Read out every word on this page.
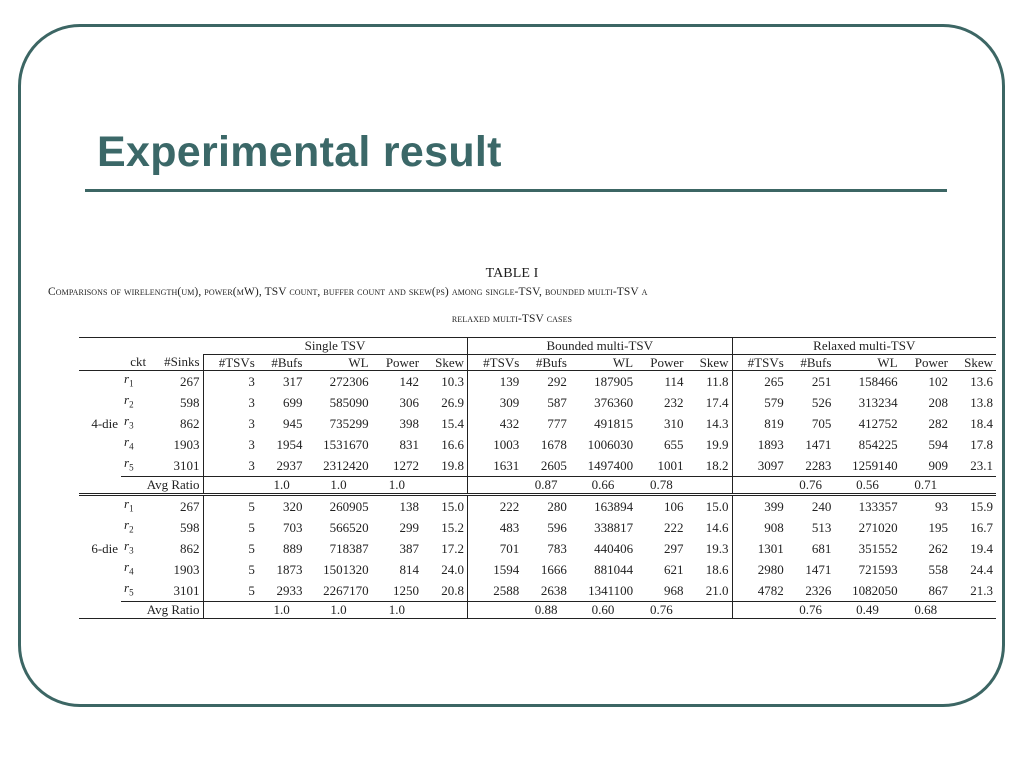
Experimental result
TABLE I
Comparisons of wirelength(um), power(mW), TSV count, buffer count and skew(ps) among single-TSV, bounded multi-TSV a
relaxed multi-TSV cases
			Single TSV					Bounded multi-TSV					Relaxed multi-TSV				
	ckt	#Sinks	#TSVs	#Bufs	WL	Power	Skew	#TSVs	#Bufs	WL	Power	Skew	#TSVs	#Bufs	WL	Power	Skew
	$r_1$	267	3	317	272306	142	10.3	139	292	187905	114	11.8	265	251	158466	102	13.6
	$r_2$	598	3	699	585090	306	26.9	309	587	376360	232	17.4	579	526	313234	208	13.8
4-die	$r_3$	862	3	945	735299	398	15.4	432	777	491815	310	14.3	819	705	412752	282	18.4
	$r_4$	1903	3	1954	1531670	831	16.6	1003	1678	1006030	655	19.9	1893	1471	854225	594	17.8
	$r_5$	3101	3	2937	2312420	1272	19.8	1631	2605	1497400	1001	18.2	3097	2283	1259140	909	23.1
	Avg Ratio			1.0	1.0	1.0			0.87	0.66	0.78			0.76	0.56	0.71	
	$r_1$	267	5	320	260905	138	15.0	222	280	163894	106	15.0	399	240	133357	93	15.9
	$r_2$	598	5	703	566520	299	15.2	483	596	338817	222	14.6	908	513	271020	195	16.7
6-die	$r_3$	862	5	889	718387	387	17.2	701	783	440406	297	19.3	1301	681	351552	262	19.4
	$r_4$	1903	5	1873	1501320	814	24.0	1594	1666	881044	621	18.6	2980	1471	721593	558	24.4
	$r_5$	3101	5	2933	2267170	1250	20.8	2588	2638	1341100	968	21.0	4782	2326	1082050	867	21.3
	Avg Ratio			1.0	1.0	1.0			0.88	0.60	0.76			0.76	0.49	0.68	
